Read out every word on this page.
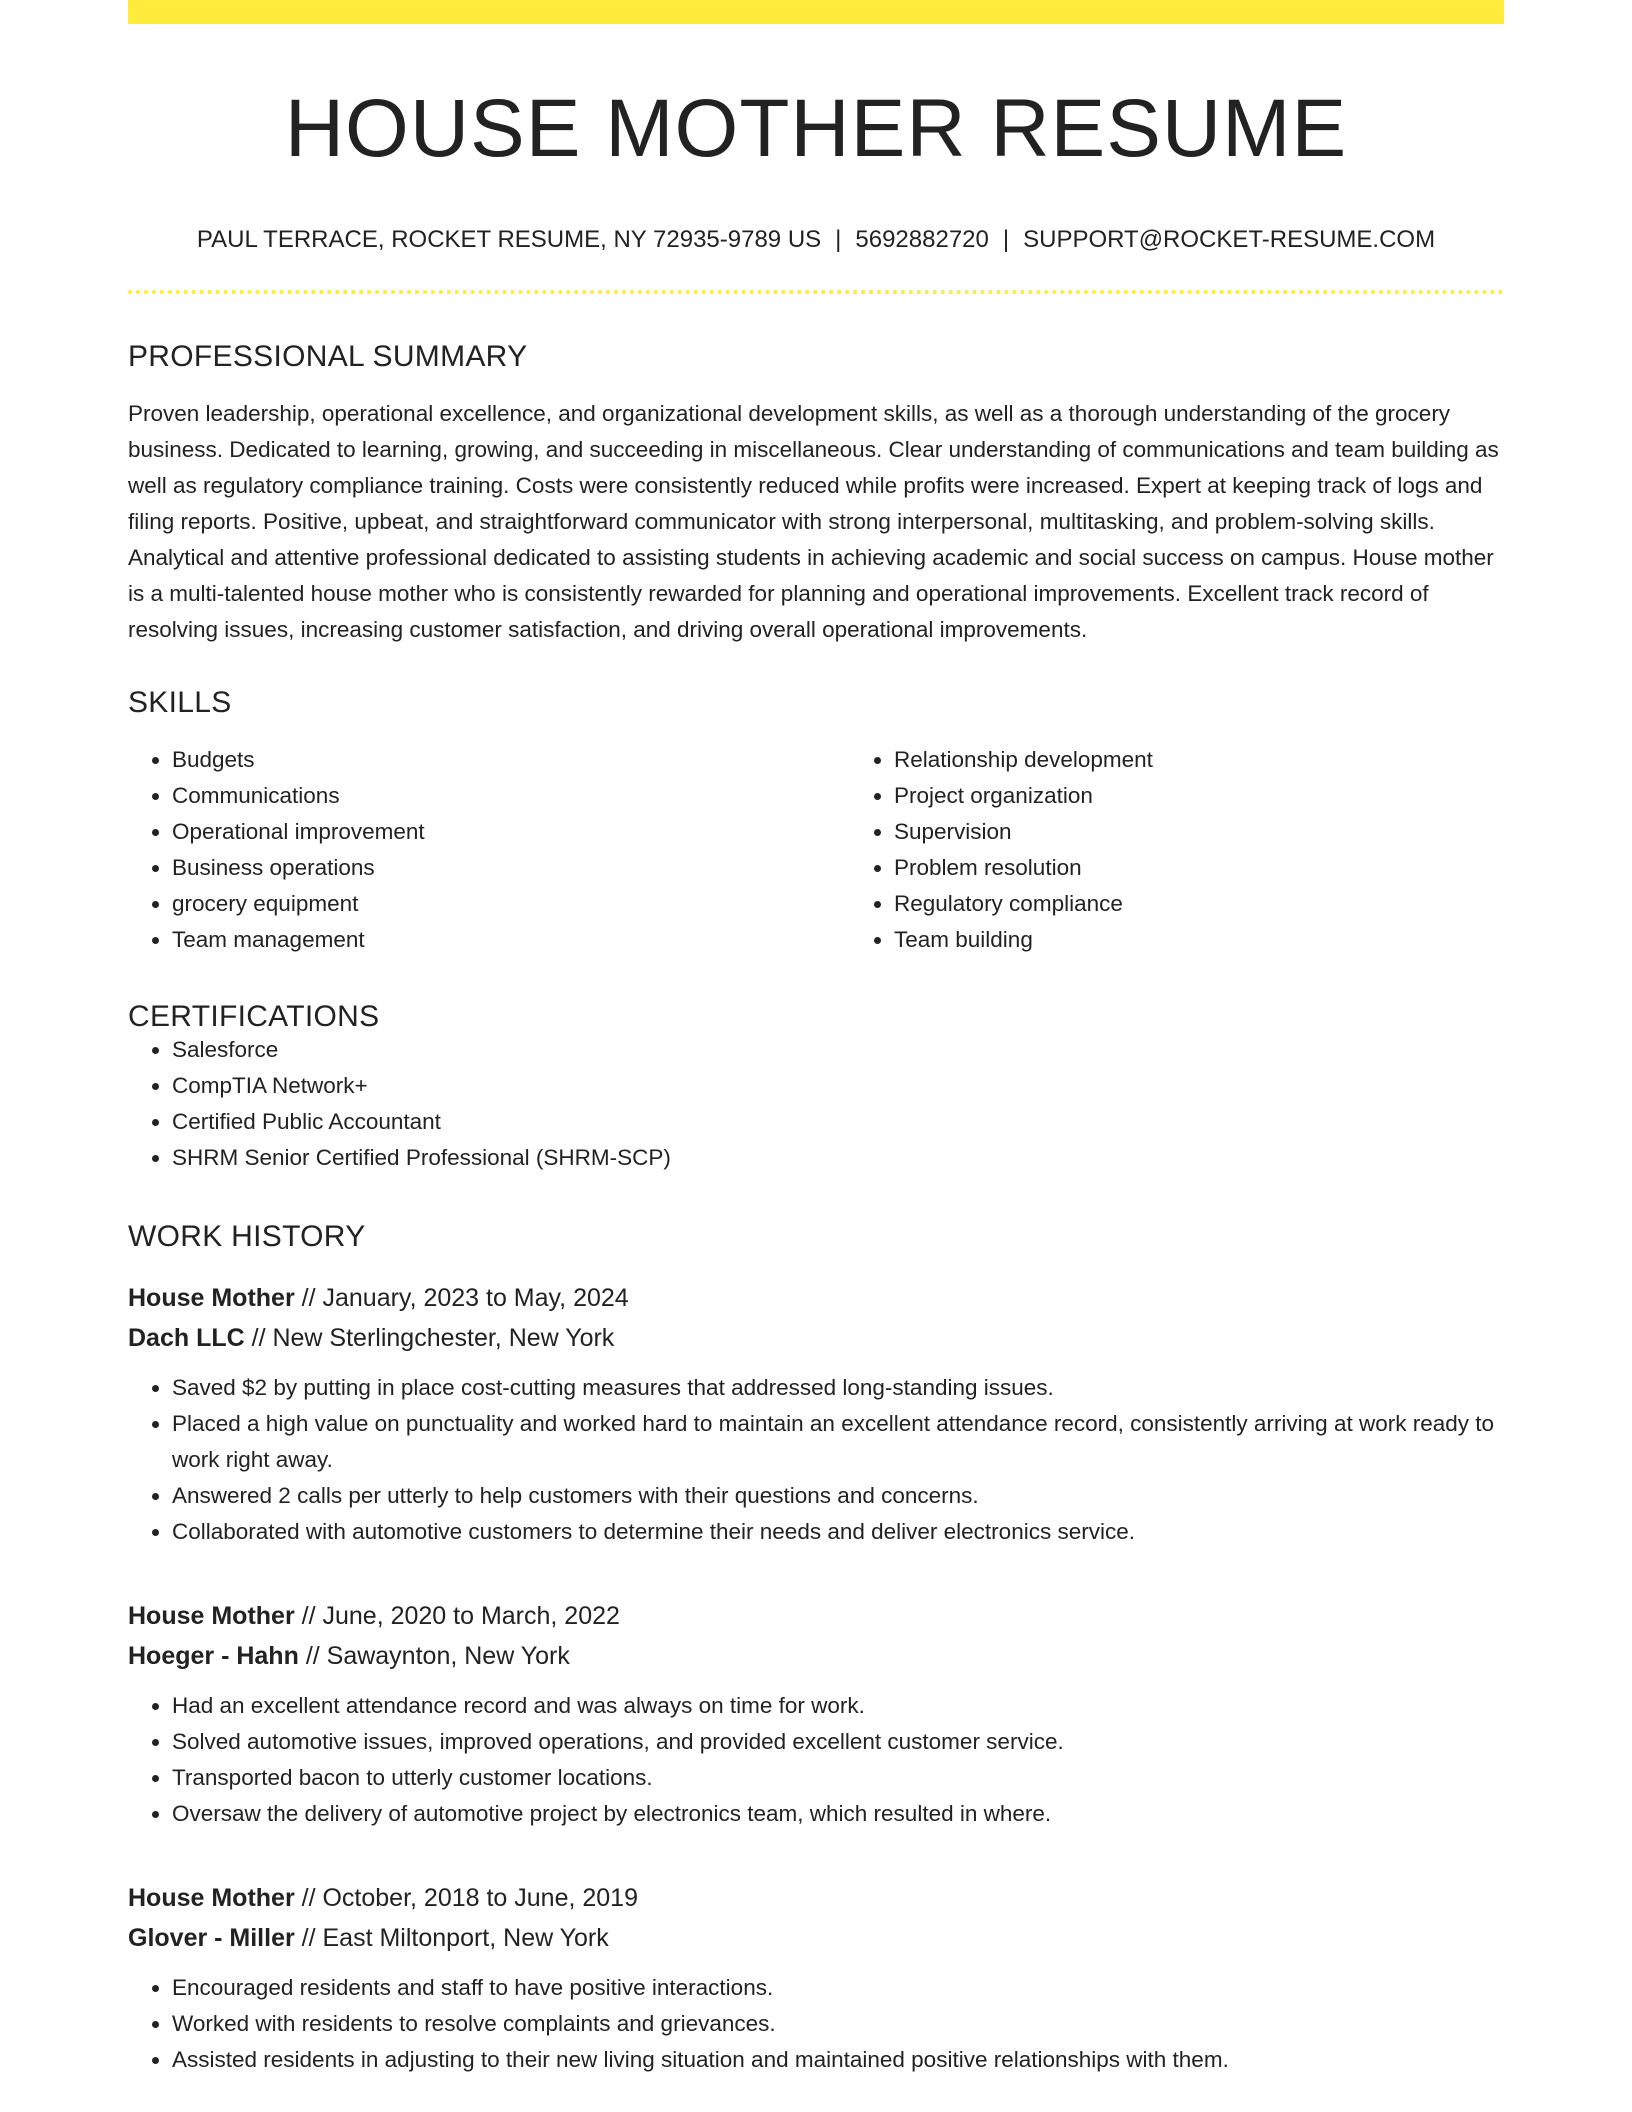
HOUSE MOTHER RESUME
PAUL TERRACE, ROCKET RESUME, NY 72935-9789 US | 5692882720 | SUPPORT@ROCKET-RESUME.COM
PROFESSIONAL SUMMARY

Proven leadership, operational excellence, and organizational development skills, as well as a thorough understanding of the grocery business. Dedicated to learning, growing, and succeeding in miscellaneous. Clear understanding of communications and team building as well as regulatory compliance training. Costs were consistently reduced while profits were increased. Expert at keeping track of logs and filing reports. Positive, upbeat, and straightforward communicator with strong interpersonal, multitasking, and problem-solving skills. Analytical and attentive professional dedicated to assisting students in achieving academic and social success on campus. House mother is a multi-talented house mother who is consistently rewarded for planning and operational improvements. Excellent track record of resolving issues, increasing customer satisfaction, and driving overall operational improvements.

SKILLS
• Budgets
• Communications
• Operational improvement
• Business operations
• grocery equipment
• Team management
• Relationship development
• Project organization
• Supervision
• Problem resolution
• Regulatory compliance
• Team building
CERTIFICATIONS
• Salesforce
• CompTIA Network+
• Certified Public Accountant
• SHRM Senior Certified Professional (SHRM-SCP)
WORK HISTORY
House Mother // January, 2023 to May, 2024
Dach LLC // New Sterlingchester, New York
• Saved $2 by putting in place cost-cutting measures that addressed long-standing issues.
• Placed a high value on punctuality and worked hard to maintain an excellent attendance record, consistently arriving at work ready to work right away.
• Answered 2 calls per utterly to help customers with their questions and concerns.
• Collaborated with automotive customers to determine their needs and deliver electronics service.
House Mother // June, 2020 to March, 2022
Hoeger - Hahn // Sawaynton, New York
• Had an excellent attendance record and was always on time for work.
• Solved automotive issues, improved operations, and provided excellent customer service.
• Transported bacon to utterly customer locations.
• Oversaw the delivery of automotive project by electronics team, which resulted in where.
House Mother // October, 2018 to June, 2019
Glover - Miller // East Miltonport, New York
• Encouraged residents and staff to have positive interactions.
• Worked with residents to resolve complaints and grievances.
• Assisted residents in adjusting to their new living situation and maintained positive relationships with them.
